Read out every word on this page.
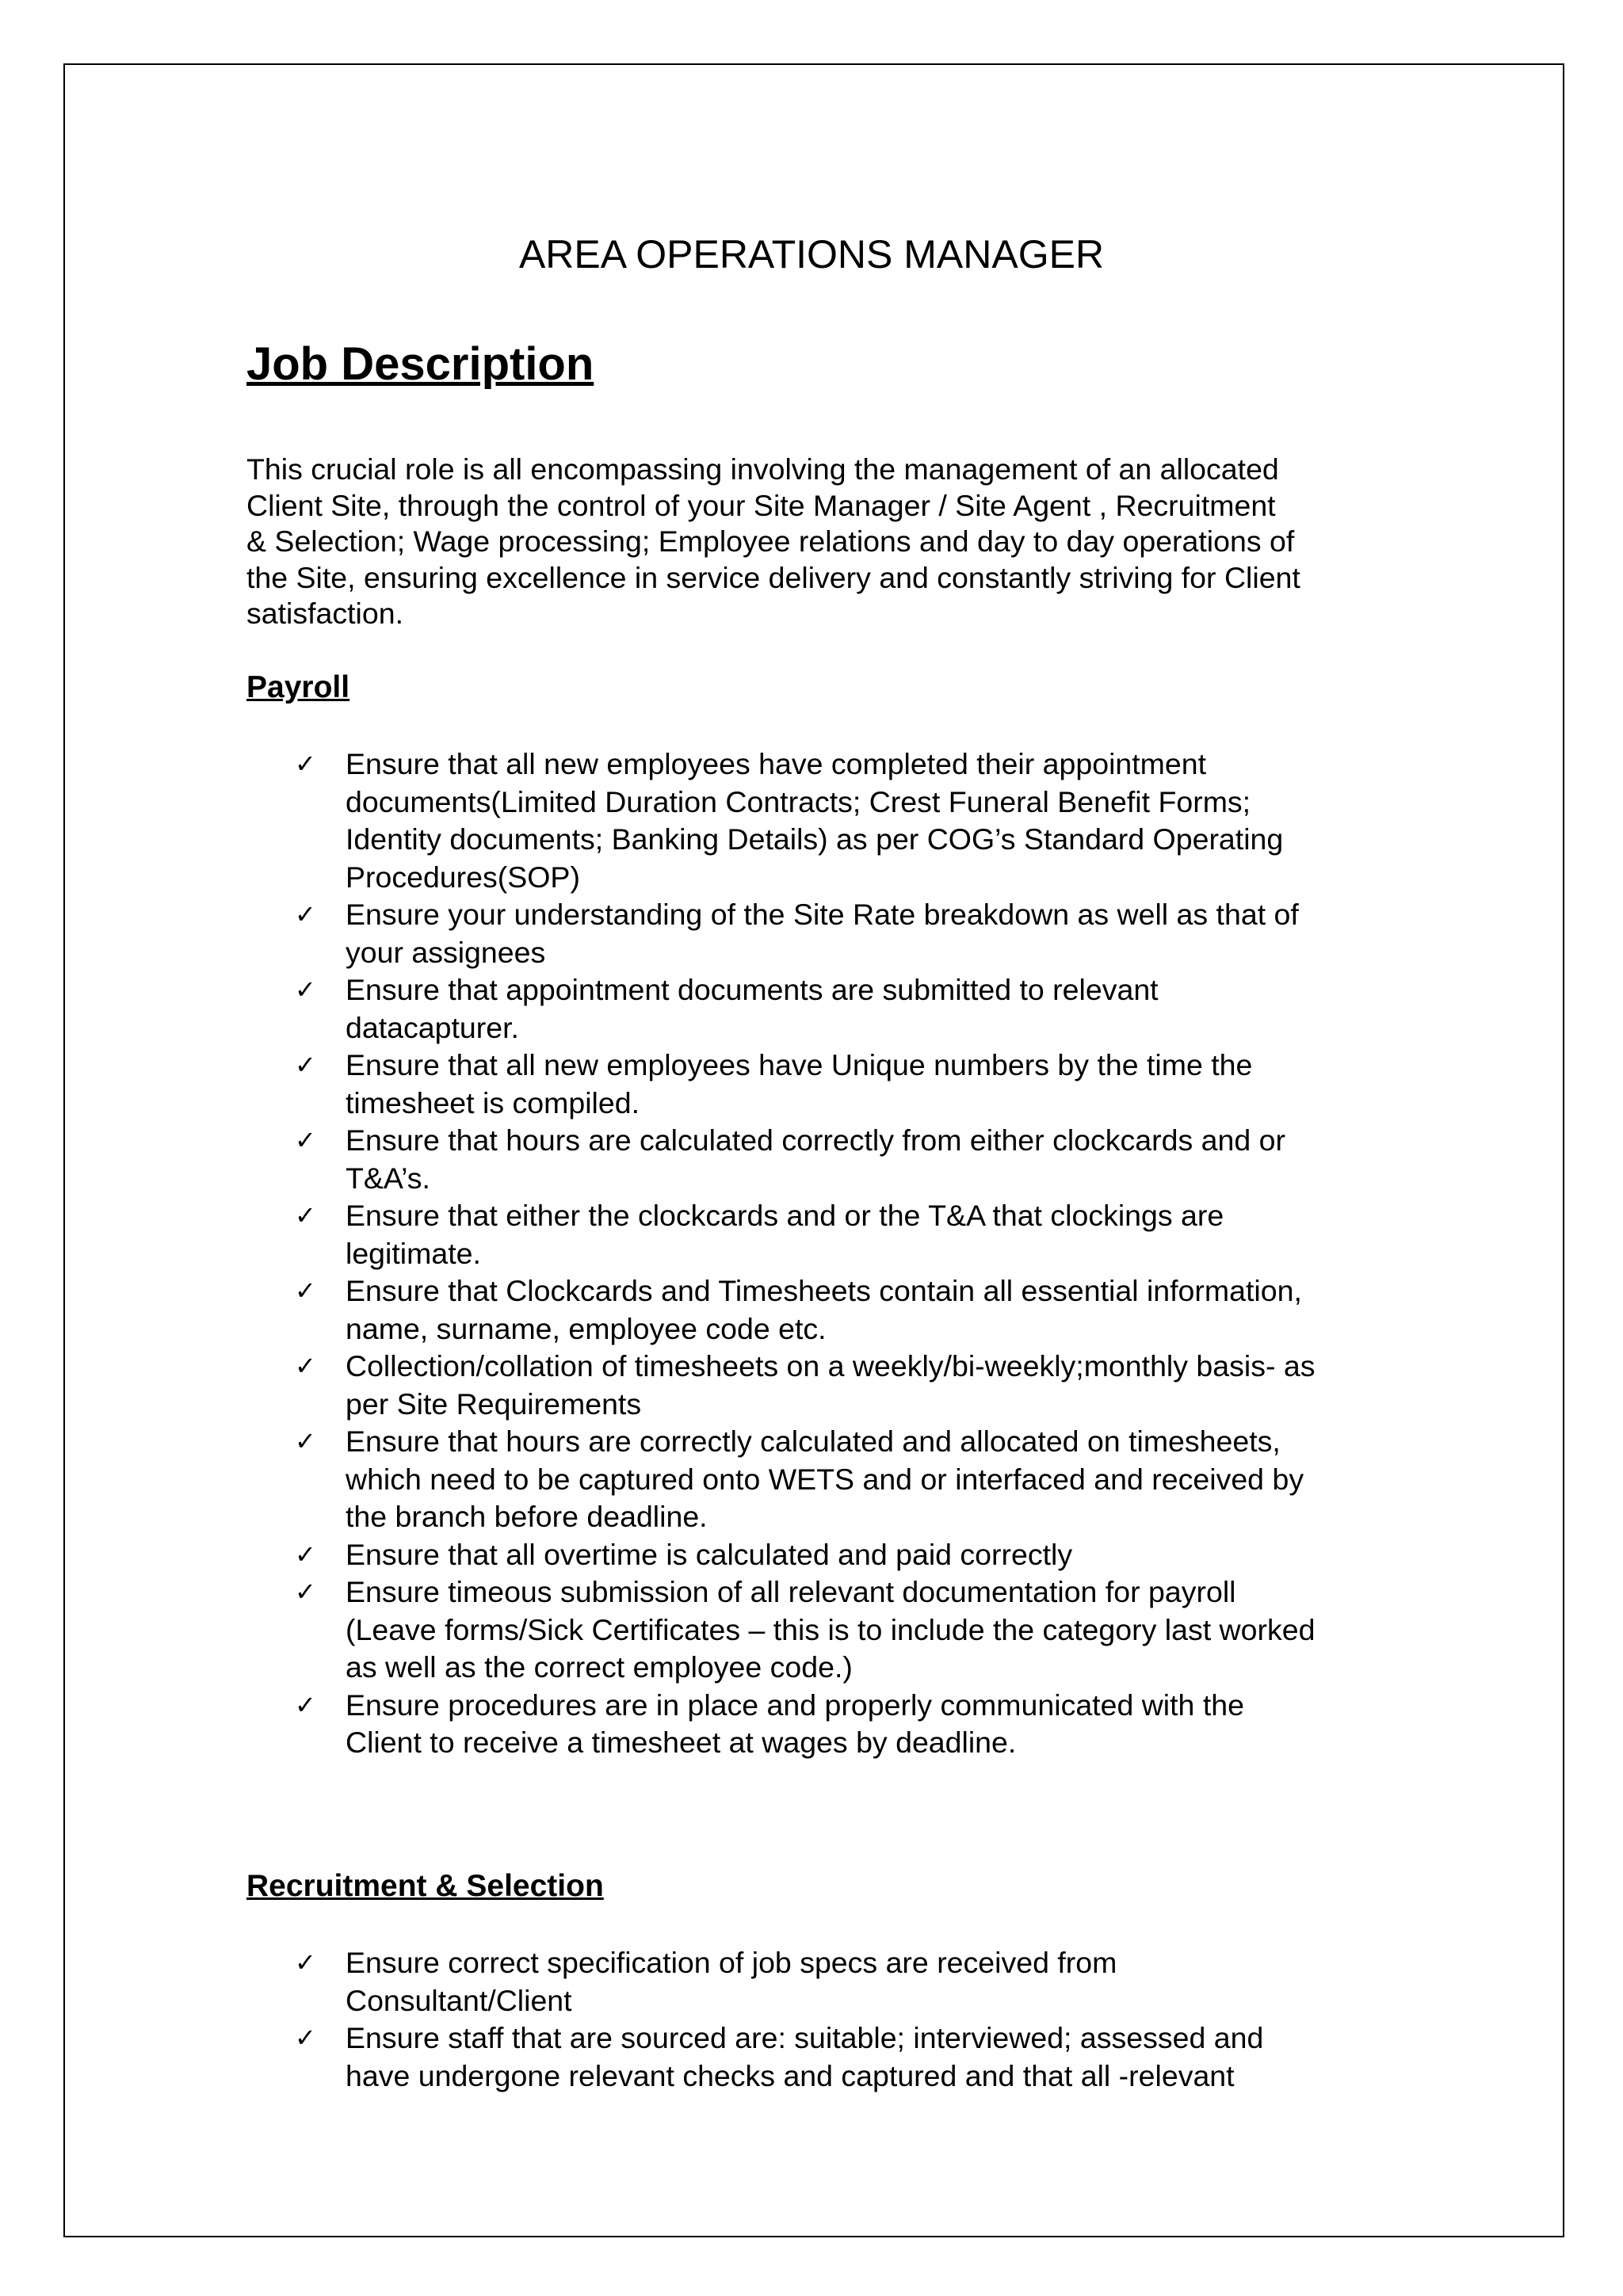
AREA OPERATIONS MANAGER
Job Description
This crucial role is all encompassing involving the management of an allocated
Client Site, through the control of your Site Manager / Site Agent , Recruitment
& Selection; Wage processing; Employee relations and day to day operations of
the Site, ensuring excellence in service delivery and constantly striving for Client
satisfaction.
Payroll
✓ Ensure that all new employees have completed their appointment
documents(Limited Duration Contracts; Crest Funeral Benefit Forms;
Identity documents; Banking Details) as per COG’s Standard Operating
Procedures(SOP)
✓ Ensure your understanding of the Site Rate breakdown as well as that of
your assignees
✓ Ensure that appointment documents are submitted to relevant
datacapturer.
✓ Ensure that all new employees have Unique numbers by the time the
timesheet is compiled.
✓ Ensure that hours are calculated correctly from either clockcards and or
T&A’s.
✓ Ensure that either the clockcards and or the T&A that clockings are
legitimate.
✓ Ensure that Clockcards and Timesheets contain all essential information,
name, surname, employee code etc.
✓ Collection/collation of timesheets on a weekly/bi-weekly;monthly basis- as
per Site Requirements
✓ Ensure that hours are correctly calculated and allocated on timesheets,
which need to be captured onto WETS and or interfaced and received by
the branch before deadline.
✓ Ensure that all overtime is calculated and paid correctly
✓ Ensure timeous submission of all relevant documentation for payroll
(Leave forms/Sick Certificates – this is to include the category last worked
as well as the correct employee code.)
✓ Ensure procedures are in place and properly communicated with the
Client to receive a timesheet at wages by deadline.
Recruitment & Selection
✓ Ensure correct specification of job specs are received from
Consultant/Client
✓ Ensure staff that are sourced are: suitable; interviewed; assessed and
have undergone relevant checks and captured and that all -relevant
